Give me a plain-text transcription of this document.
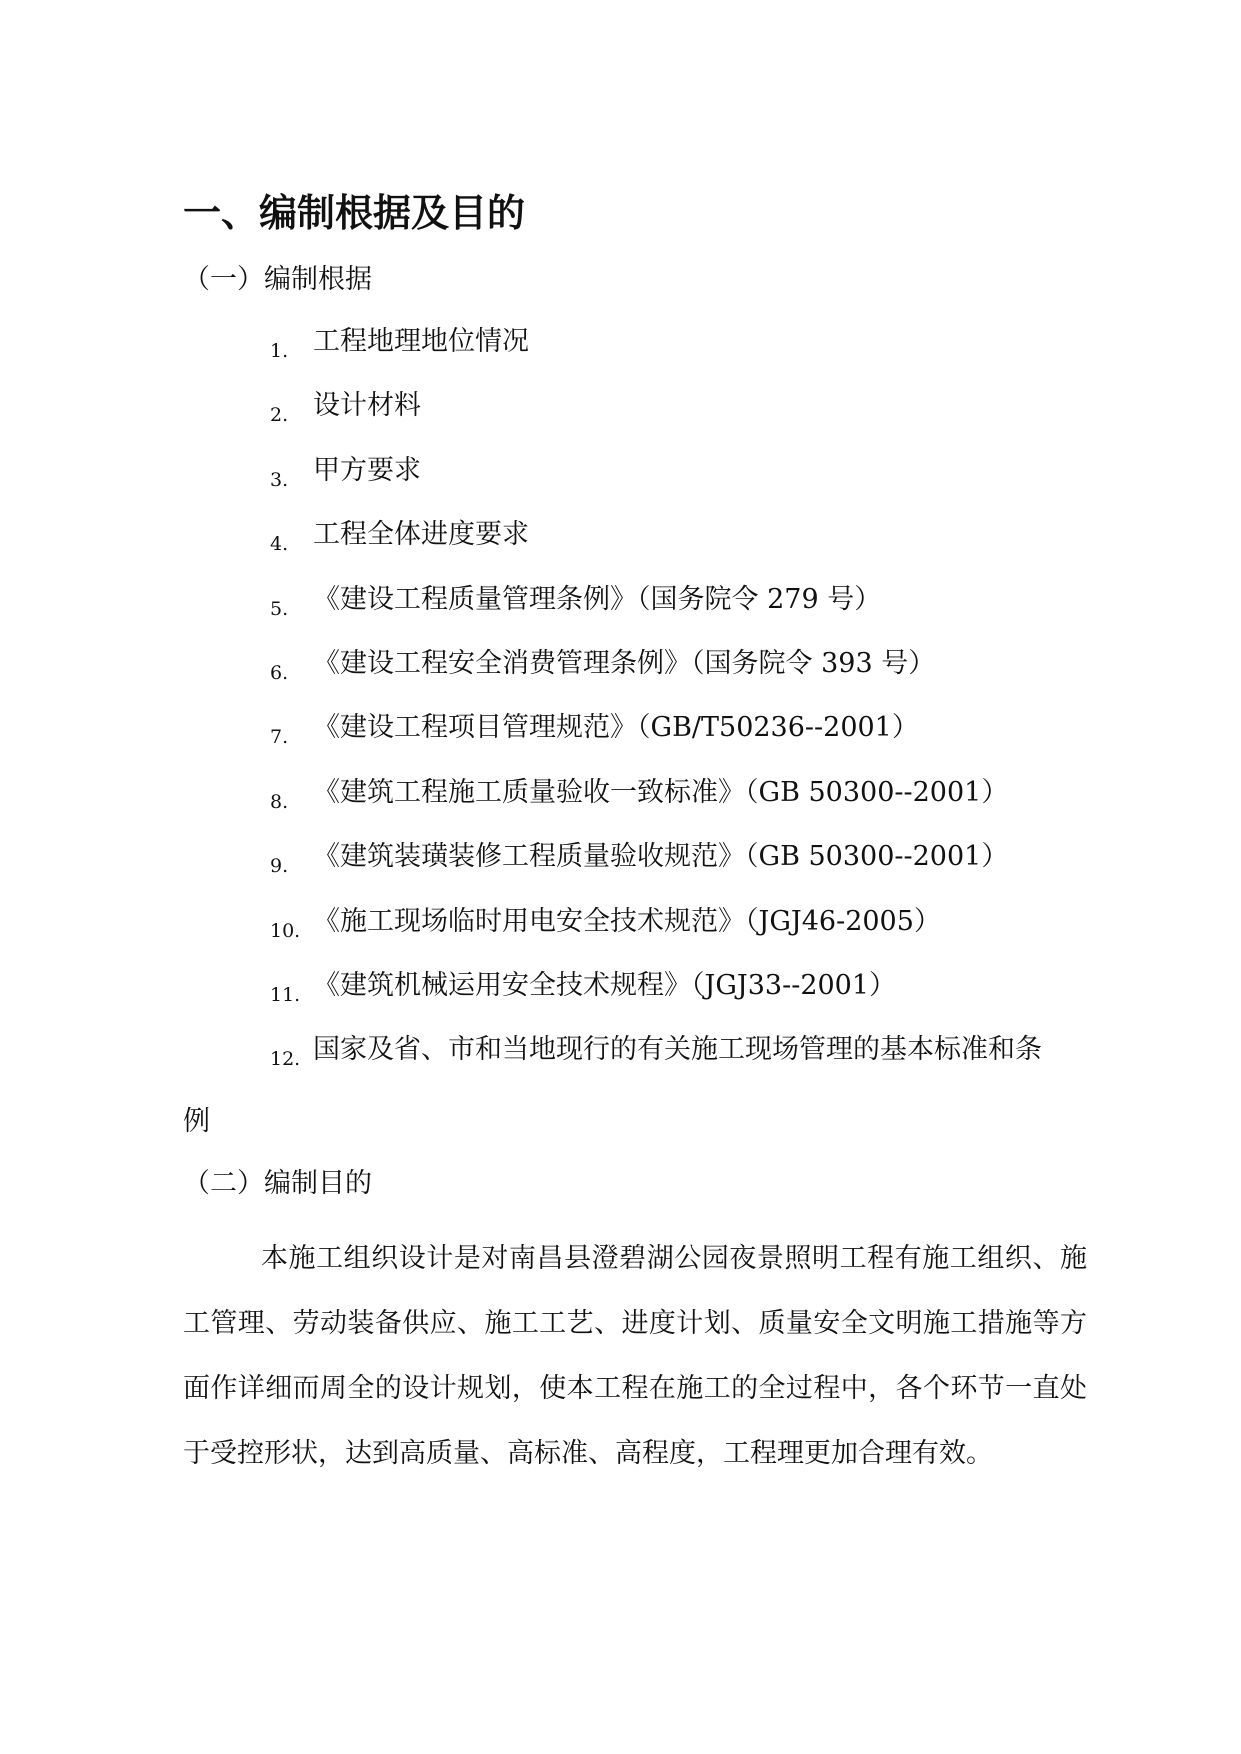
一、编制根据及目的
（一）编制根据
1. 工程地理地位情况
2. 设计材料
3. 甲方要求
4. 工程全体进度要求
5. 《建设工程质量管理条例》（国务院令 279 号）
6. 《建设工程安全消费管理条例》（国务院令 393 号）
7. 《建设工程项目管理规范》（GB/T50236--2001）
8. 《建筑工程施工质量验收一致标准》（GB 50300--2001）
9. 《建筑装璜装修工程质量验收规范》（GB 50300--2001）
10. 《施工现场临时用电安全技术规范》（JGJ46-2005）
11. 《建筑机械运用安全技术规程》（JGJ33--2001）
12. 国家及省、市和当地现行的有关施工现场管理的基本标准和条
例
（二）编制目的

本施工组织设计是对南昌县澄碧湖公园夜景照明工程有施工组织、施工管理、劳动装备供应、施工工艺、进度计划、质量安全文明施工措施等方面作详细而周全的设计规划，使本工程在施工的全过程中，各个环节一直处于受控形状，达到高质量、高标准、高程度，工程理更加合理有效。
